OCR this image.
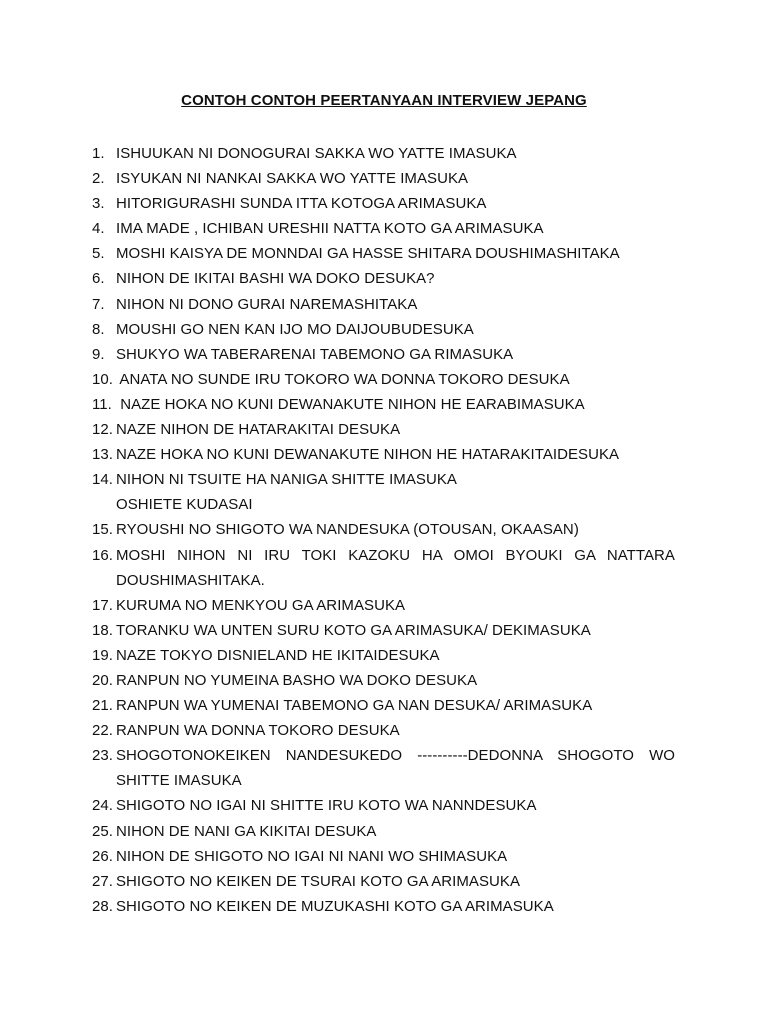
CONTOH CONTOH PEERTANYAAN INTERVIEW JEPANG
1. ISHUUKAN NI DONOGURAI SAKKA WO YATTE IMASUKA
2. ISYUKAN NI NANKAI SAKKA WO YATTE IMASUKA
3. HITORIGURASHI SUNDA ITTA KOTOGA ARIMASUKA
4. IMA MADE , ICHIBAN URESHII NATTA KOTO GA ARIMASUKA
5. MOSHI KAISYA DE MONNDAI GA HASSE SHITARA DOUSHIMASHITAKA
6. NIHON DE IKITAI BASHI WA DOKO DESUKA?
7. NIHON NI DONO GURAI NAREMASHITAKA
8. MOUSHI GO NEN KAN IJO MO DAIJOUBUDESUKA
9. SHUKYO WA TABERARENAI TABEMONO GA RIMASUKA
10. ANATA NO SUNDE IRU TOKORO WA DONNA TOKORO DESUKA
11. NAZE HOKA NO KUNI DEWANAKUTE NIHON HE EARABIMASUKA
12. NAZE NIHON DE HATARAKITAI DESUKA
13. NAZE HOKA NO KUNI DEWANAKUTE NIHON HE HATARAKITAIDESUKA
14. NIHON NI TSUITE HA NANIGA SHITTE IMASUKA
OSHIETE KUDASAI
15. RYOUSHI NO SHIGOTO WA NANDESUKA (OTOUSAN, OKAASAN)
16. MOSHI NIHON NI IRU TOKI KAZOKU HA OMOI BYOUKI GA NATTARA
DOUSHIMASHITAKA.
17. KURUMA NO MENKYOU GA ARIMASUKA
18. TORANKU WA UNTEN SURU KOTO GA ARIMASUKA/ DEKIMASUKA
19. NAZE TOKYO DISNIELAND HE IKITAIDESUKA
20. RANPUN NO YUMEINA BASHO WA DOKO DESUKA
21. RANPUN WA YUMENAI TABEMONO GA NAN DESUKA/ ARIMASUKA
22. RANPUN WA DONNA TOKORO DESUKA
23. SHOGOTONOKEIKEN NANDESUKEDO ----------DEDONNA SHOGOTO WO
SHITTE IMASUKA
24. SHIGOTO NO IGAI NI SHITTE IRU KOTO WA NANNDESUKA
25. NIHON DE NANI GA KIKITAI DESUKA
26. NIHON DE SHIGOTO NO IGAI NI NANI WO SHIMASUKA
27. SHIGOTO NO KEIKEN DE TSURAI KOTO GA ARIMASUKA
28. SHIGOTO NO KEIKEN DE MUZUKASHI KOTO GA ARIMASUKA
